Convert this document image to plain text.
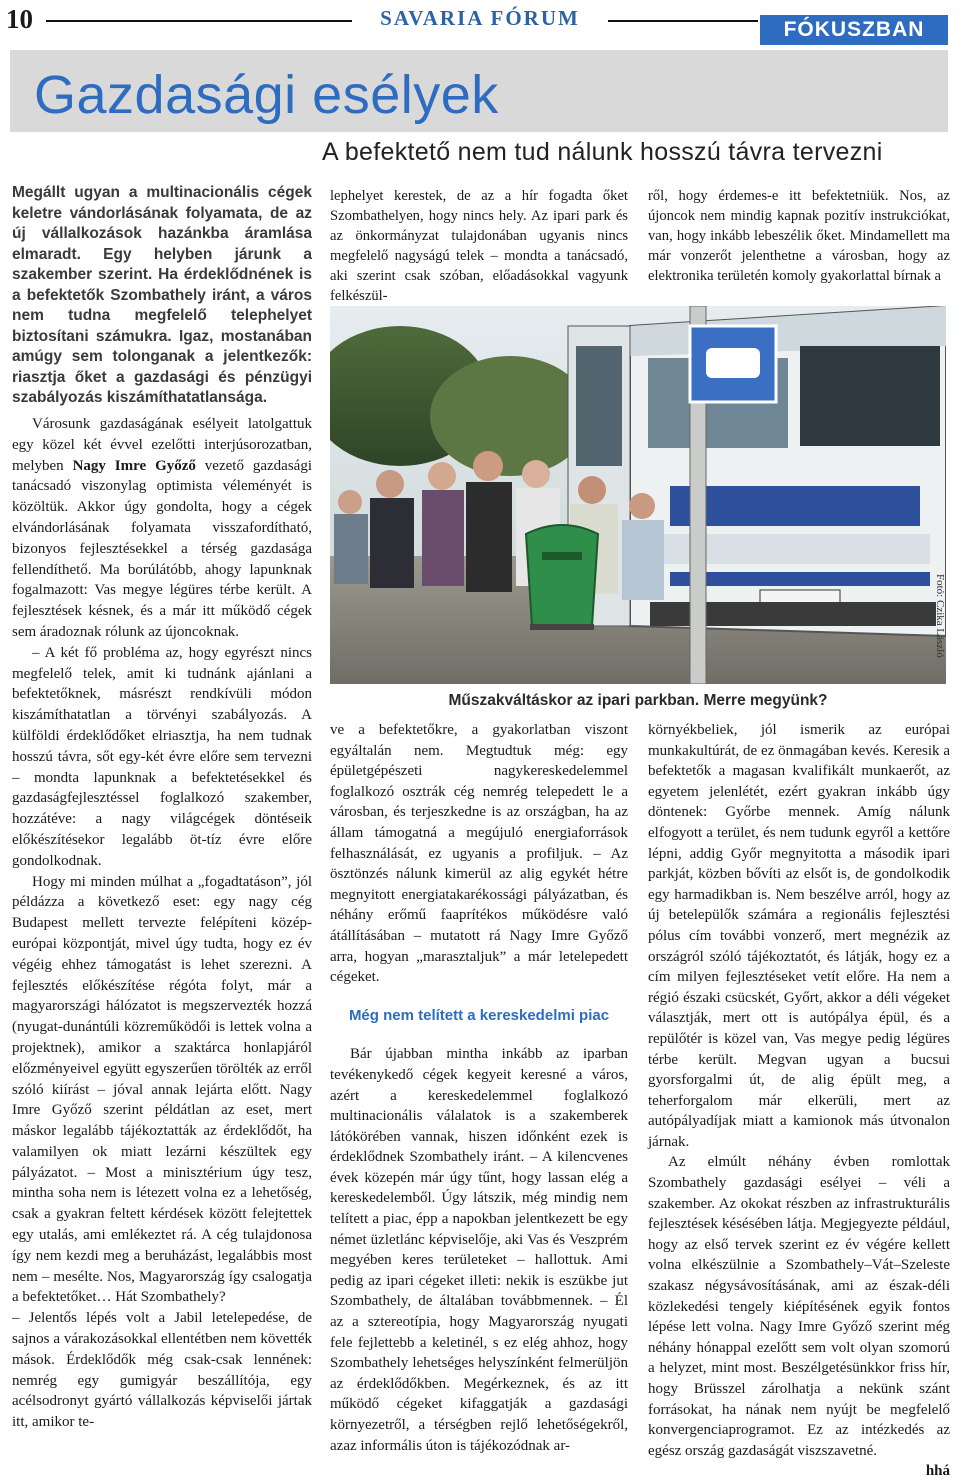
10	SAVARIA FÓRUM	FÓKUSZBAN
Gazdasági esélyek
A befektető nem tud nálunk hosszú távra tervezni
Megállt ugyan a multinacionális cégek keletre vándorlásának folyamata, de az új vállalkozások hazánkba áramlása elmaradt. Egy helyben járunk a szakember szerint. Ha érdeklődnének is a befektetők Szombathely iránt, a város nem tudna megfelelő telephelyet biztosítani számukra. Igaz, mostanában amúgy sem tolonganak a jelentkezők: riasztja őket a gazdasági és pénzügyi szabályozás kiszámíthatatlansága.

Városunk gazdaságának esélyeit latolgattuk egy közel két évvel ezelőtti interjúsorozatban, melyben Nagy Imre Győző vezető gazdasági tanácsadó viszonylag optimista véleményét is közöltük. Akkor úgy gondolta, hogy a cégek elvándorlásának folyamata visszafordítható, bizonyos fejlesztésekkel a térség gazdasága fellendíthető. Ma borúlátóbb, ahogy lapunknak fogalmazott: Vas megye légüres térbe került. A fejlesztések késnek, és a már itt működő cégek sem áradoznak rólunk az újoncoknak.

– A két fő probléma az, hogy egyrészt nincs megfelelő telek, amit ki tudnánk ajánlani a befektetőknek, másrészt rendkívüli módon kiszámíthatatlan a törvényi szabályozás. A külföldi érdeklődőket elriasztja, ha nem tudnak hosszú távra, sőt egy-két évre előre sem tervezni – mondta lapunknak a befektetésekkel és gazdaságfejlesztéssel foglalkozó szakember, hozzátéve: a nagy világcégek döntéseik előkészítésekor legalább öt-tíz évre előre gondolkodnak.

Hogy mi minden múlhat a „fogadtatáson”, jól példázza a következő eset: egy nagy cég Budapest mellett tervezte felépíteni közép-európai központját, mivel úgy tudta, hogy ez év végéig ehhez támogatást is lehet szerezni. A fejlesztés előkészítése régóta folyt, már a magyarországi hálózatot is megszervezték hozzá (nyugat-dunántúli közreműködői is lettek volna a projektnek), amikor a szaktárca honlapjáról előzményeivel együtt egyszerűen törölték az erről szóló kiírást – jóval annak lejárta előtt. Nagy Imre Győző szerint példátlan az eset, mert máskor legalább tájékoztatták az érdeklődőt, ha valamilyen ok miatt lezárni készültek egy pályázatot. – Most a minisztérium úgy tesz, mintha soha nem is létezett volna ez a lehetőség, csak a gyakran feltett kérdések között felejtettek egy utalás, ami emlékeztet rá. A cég tulajdonosa így nem kezdi meg a beruházást, legalábbis most nem – mesélte. Nos, Magyarország így csalogatja a befektetőket… Hát Szombathely?

– Jelentős lépés volt a Jabil letelepedése, de sajnos a várakozásokkal ellentétben nem követték mások. Érdeklődők még csak-csak lennének: nemrég egy gumigyár beszállítója, egy acélsodronyt gyártó vállalkozás képviselői jártak itt, amikor te-

lephelyet kerestek, de az a hír fogadta őket Szombathelyen, hogy nincs hely. Az ipari park és az önkormányzat tulajdonában ugyanis nincs megfelelő nagyságú telek – mondta a tanácsadó, aki szerint csak szóban, előadásokkal vagyunk felkészül-

ről, hogy érdemes-e itt befektetniük. Nos, az újoncok nem mindig kapnak pozitív instrukciókat, van, hogy inkább lebeszélik őket. Mindamellett ma már vonzerőt jelenthetne a városban, hogy az elektronika területén komoly gyakorlattal bírnak a

Műszakváltáskor az ipari parkban. Merre megyünk?
Fotó: Czika László

ve a befektetőkre, a gyakorlatban viszont egyáltalán nem. Megtudtuk még: egy épületgépészeti nagykereskedelemmel foglalkozó osztrák cég nemrég telepedett le a városban, és terjeszkedne is az országban, ha az állam támogatná a megújuló energiaforrások felhasználását, ez ugyanis a profiljuk. – Az ösztönzés nálunk kimerül az alig egykét hétre megnyitott energiatakarékossági pályázatban, és néhány erőmű faaprítékos működésre való átállításában – mutatott rá Nagy Imre Győző arra, hogyan „marasztaljuk” a már letelepedett cégeket.

Még nem telített a kereskedelmi piac

Bár újabban mintha inkább az iparban tevékenykedő cégek kegyeit keresné a város, azért a kereskedelemmel foglalkozó multinacionális válalatok is a szakemberek látókörében vannak, hiszen időnként ezek is érdeklődnek Szombathely iránt. – A kilencvenes évek közepén már úgy tűnt, hogy lassan elég a kereskedelemből. Úgy látszik, még mindig nem telített a piac, épp a napokban jelentkezett be egy német üzletlánc képviselője, aki Vas és Veszprém megyében keres területeket – hallottuk. Ami pedig az ipari cégeket illeti: nekik is eszükbe jut Szombathely, de általában továbbmennek. – Él az a sztereotípia, hogy Magyarország nyugati fele fejlettebb a keletinél, s ez elég ahhoz, hogy Szombathely lehetséges helyszínként felmerüljön az érdeklődőkben. Megérkeznek, és az itt működő cégeket kifaggatják a gazdasági környezetről, a térségben rejlő lehetőségekről, azaz informális úton is tájékozódnak ar-

környékbeliek, jól ismerik az európai munkakultúrát, de ez önmagában kevés. Keresik a befektetők a magasan kvalifikált munkaerőt, az egyetem jelenlétét, ezért gyakran inkább úgy döntenek: Győrbe mennek. Amíg nálunk elfogyott a terület, és nem tudunk egyről a kettőre lépni, addig Győr megnyitotta a második ipari parkját, közben bővíti az elsőt is, de gondolkodik egy harmadikban is. Nem beszélve arról, hogy az új betelepülők számára a regionális fejlesztési pólus cím további vonzerő, mert megnézik az országról szóló tájékoztatót, és látják, hogy ez a cím milyen fejlesztéseket vetít előre. Ha nem a régió északi csücskét, Győrt, akkor a déli végeket választják, mert ott is autópálya épül, és a repülőtér is közel van, Vas megye pedig légüres térbe került. Megvan ugyan a bucsui gyorsforgalmi út, de alig épült meg, a teherforgalom már elkerüli, mert az autópályadíjak miatt a kamionok más útvonalon járnak.

Az elmúlt néhány évben romlottak Szombathely gazdasági esélyei – véli a szakember. Az okokat részben az infrastrukturális fejlesztések késésében látja. Megjegyezte például, hogy az első tervek szerint ez év végére kellett volna elkészülnie a Szombathely–Vát–Szeleste szakasz négysávosításának, ami az észak-déli közlekedési tengely kiépítésének egyik fontos lépése lett volna. Nagy Imre Győző szerint még néhány hónappal ezelőtt sem volt olyan szomorú a helyzet, mint most. Beszélgetésünkkor friss hír, hogy Brüsszel zárolhatja a nekünk szánt forrásokat, ha nának nem nyújt be megfelelő konvergenciaprogramot. Ez az intézkedés az egész ország gazdaságát viszszavetné.

hhá
